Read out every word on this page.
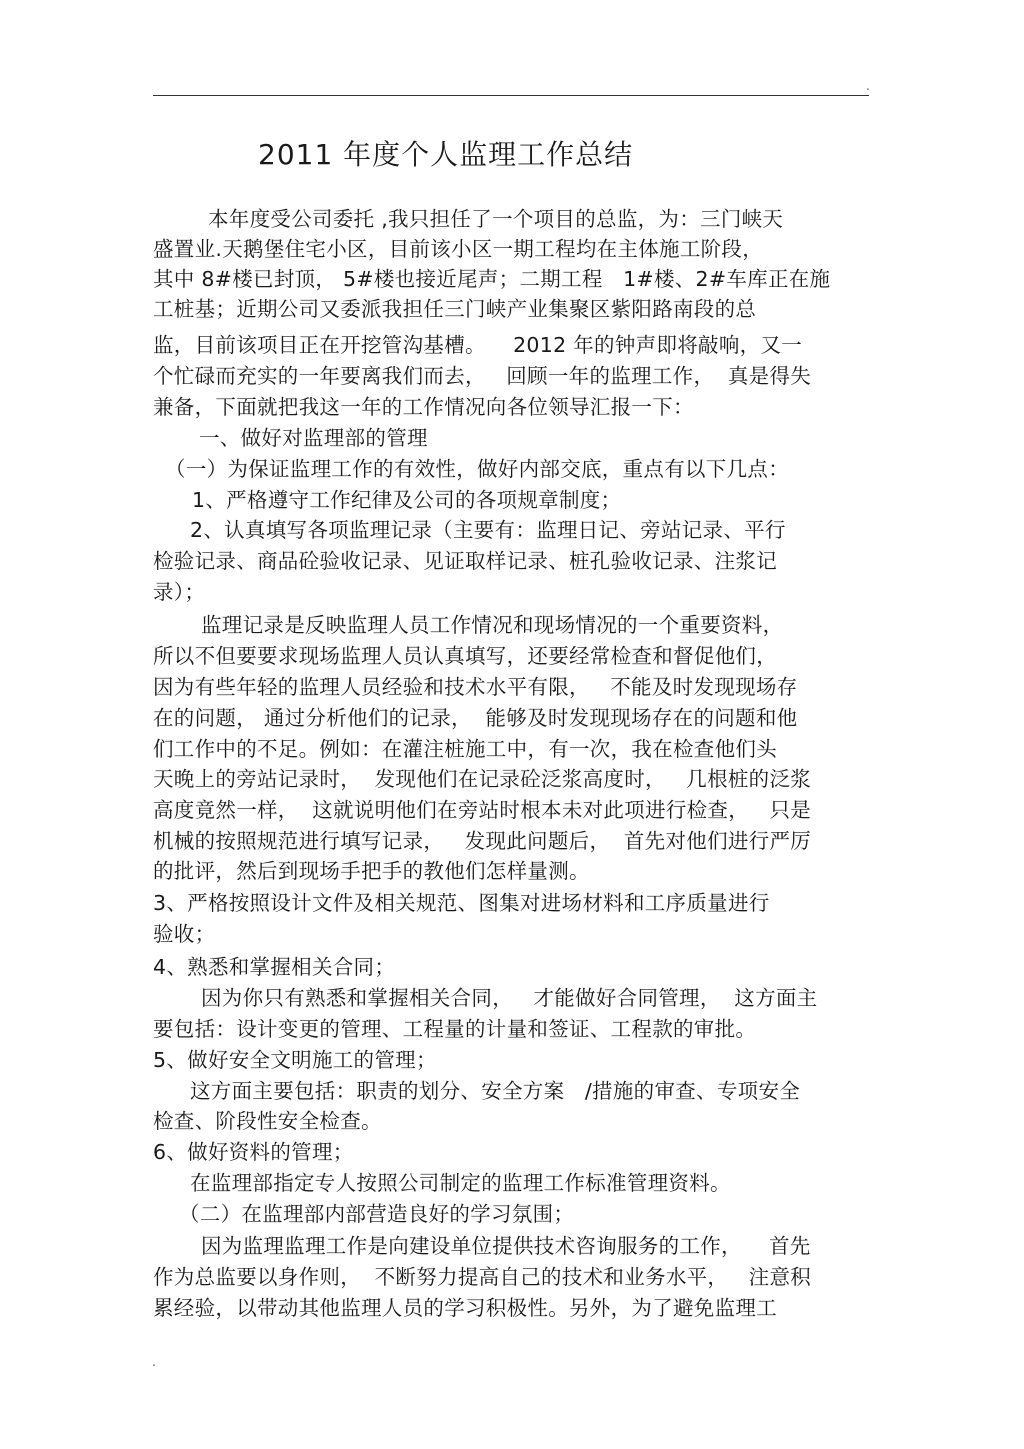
.
2011 年度个人监理工作总结
本年度受公司委托 ,我只担任了一个项目的总监，为：三门峡天
盛置业.天鹅堡住宅小区，目前该小区一期工程均在主体施工阶段，
其中 8#楼已封顶， 5#楼也接近尾声；二期工程   1#楼、2#车库正在施
工桩基；近期公司又委派我担任三门峡产业集聚区紫阳路南段的总
监，目前该项目正在开挖管沟基槽。    2012 年的钟声即将敲响，又一
个忙碌而充实的一年要离我们而去，   回顾一年的监理工作，  真是得失
兼备，下面就把我这一年的工作情况向各位领导汇报一下：
一、做好对监理部的管理
（一）为保证监理工作的有效性，做好内部交底，重点有以下几点：
1、严格遵守工作纪律及公司的各项规章制度；
2、认真填写各项监理记录（主要有：监理日记、旁站记录、平行
检验记录、商品砼验收记录、见证取样记录、桩孔验收记录、注浆记
录）；
监理记录是反映监理人员工作情况和现场情况的一个重要资料，
所以不但要要求现场监理人员认真填写，还要经常检查和督促他们，
因为有些年轻的监理人员经验和技术水平有限，   不能及时发现现场存
在的问题， 通过分析他们的记录，  能够及时发现现场存在的问题和他
们工作中的不足。例如：在灌注桩施工中，有一次，我在检查他们头
天晚上的旁站记录时，  发现他们在记录砼泛浆高度时，   几根桩的泛浆
高度竟然一样，  这就说明他们在旁站时根本未对此项进行检查，   只是
机械的按照规范进行填写记录，   发现此问题后，  首先对他们进行严厉
的批评，然后到现场手把手的教他们怎样量测。
3、严格按照设计文件及相关规范、图集对进场材料和工序质量进行
验收；
4、熟悉和掌握相关合同；
因为你只有熟悉和掌握相关合同，   才能做好合同管理，  这方面主
要包括：设计变更的管理、工程量的计量和签证、工程款的审批。
5、做好安全文明施工的管理；
这方面主要包括：职责的划分、安全方案   /措施的审查、专项安全
检查、阶段性安全检查。
6、做好资料的管理；
在监理部指定专人按照公司制定的监理工作标准管理资料。
（二）在监理部内部营造良好的学习氛围；
因为监理监理工作是向建设单位提供技术咨询服务的工作，    首先
作为总监要以身作则，  不断努力提高自己的技术和业务水平，   注意积
累经验，以带动其他监理人员的学习积极性。另外，为了避免监理工
.
